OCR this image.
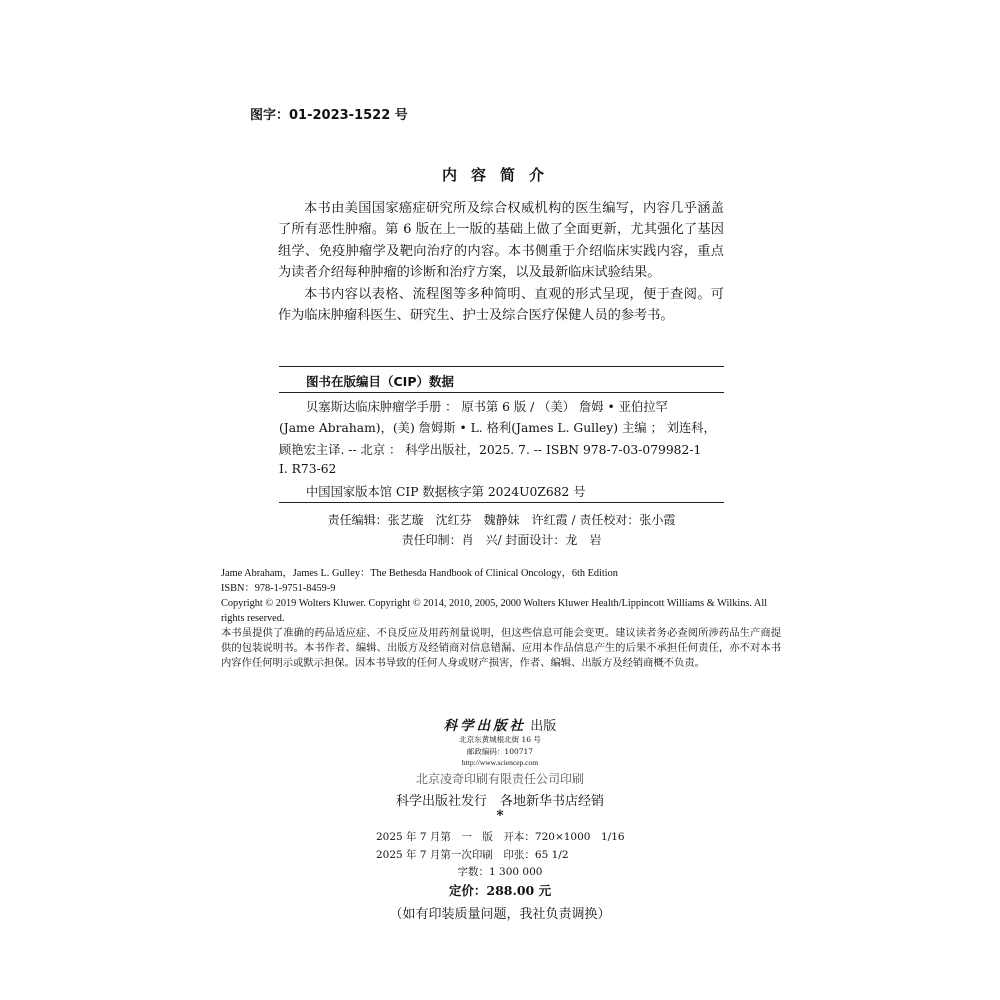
图字：01-2023-1522 号
内容简介
本书由美国国家癌症研究所及综合权威机构的医生编写，内容几乎涵盖了所有恶性肿瘤。第 6 版在上一版的基础上做了全面更新，尤其强化了基因组学、免疫肿瘤学及靶向治疗的内容。本书侧重于介绍临床实践内容，重点为读者介绍每种肿瘤的诊断和治疗方案，以及最新临床试验结果。
本书内容以表格、流程图等多种简明、直观的形式呈现，便于查阅。可作为临床肿瘤科医生、研究生、护士及综合医疗保健人员的参考书。
图书在版编目（CIP）数据
贝塞斯达临床肿瘤学手册 ： 原书第 6 版 / （美） 詹姆 • 亚伯拉罕
(Jame Abraham)，(美) 詹姆斯 • L. 格利(James L. Gulley) 主编 ； 刘连科，
顾艳宏主译. -- 北京 ： 科学出版社，2025. 7. -- ISBN 978-7-03-079982-1
Ⅰ. R73-62
中国国家版本馆 CIP 数据核字第 2024U0Z682 号
责任编辑：张艺璇　沈红芬　魏静妹　许红霞 / 责任校对：张小霞
责任印制：肖　兴/ 封面设计：龙　岩
Jame Abraham，James L. Gulley：The Bethesda Handbook of Clinical Oncology，6th Edition
ISBN：978-1-9751-8459-9
Copyright © 2019 Wolters Kluwer. Copyright © 2014, 2010, 2005, 2000 Wolters Kluwer Health/Lippincott Williams & Wilkins. All rights reserved.
本书虽提供了准确的药品适应症、不良反应及用药剂量说明，但这些信息可能会变更。建议读者务必查阅所涉药品生产商提供的包装说明书。本书作者、编辑、出版方及经销商对信息错漏、应用本作品信息产生的后果不承担任何责任，亦不对本书内容作任何明示或默示担保。因本书导致的任何人身或财产损害，作者、编辑、出版方及经销商概不负责。
科学出版社 出版
北京东黄城根北街 16 号
邮政编码：100717
http://www.sciencep.com
北京凌奇印刷有限责任公司印刷
科学出版社发行　各地新华书店经销
*
2025 年 7 月第　一　版　开本：720×1000　1/16
2025 年 7 月第一次印刷　印张：65 1/2
字数：1 300 000
定价：288.00 元
（如有印装质量问题，我社负责调换）
